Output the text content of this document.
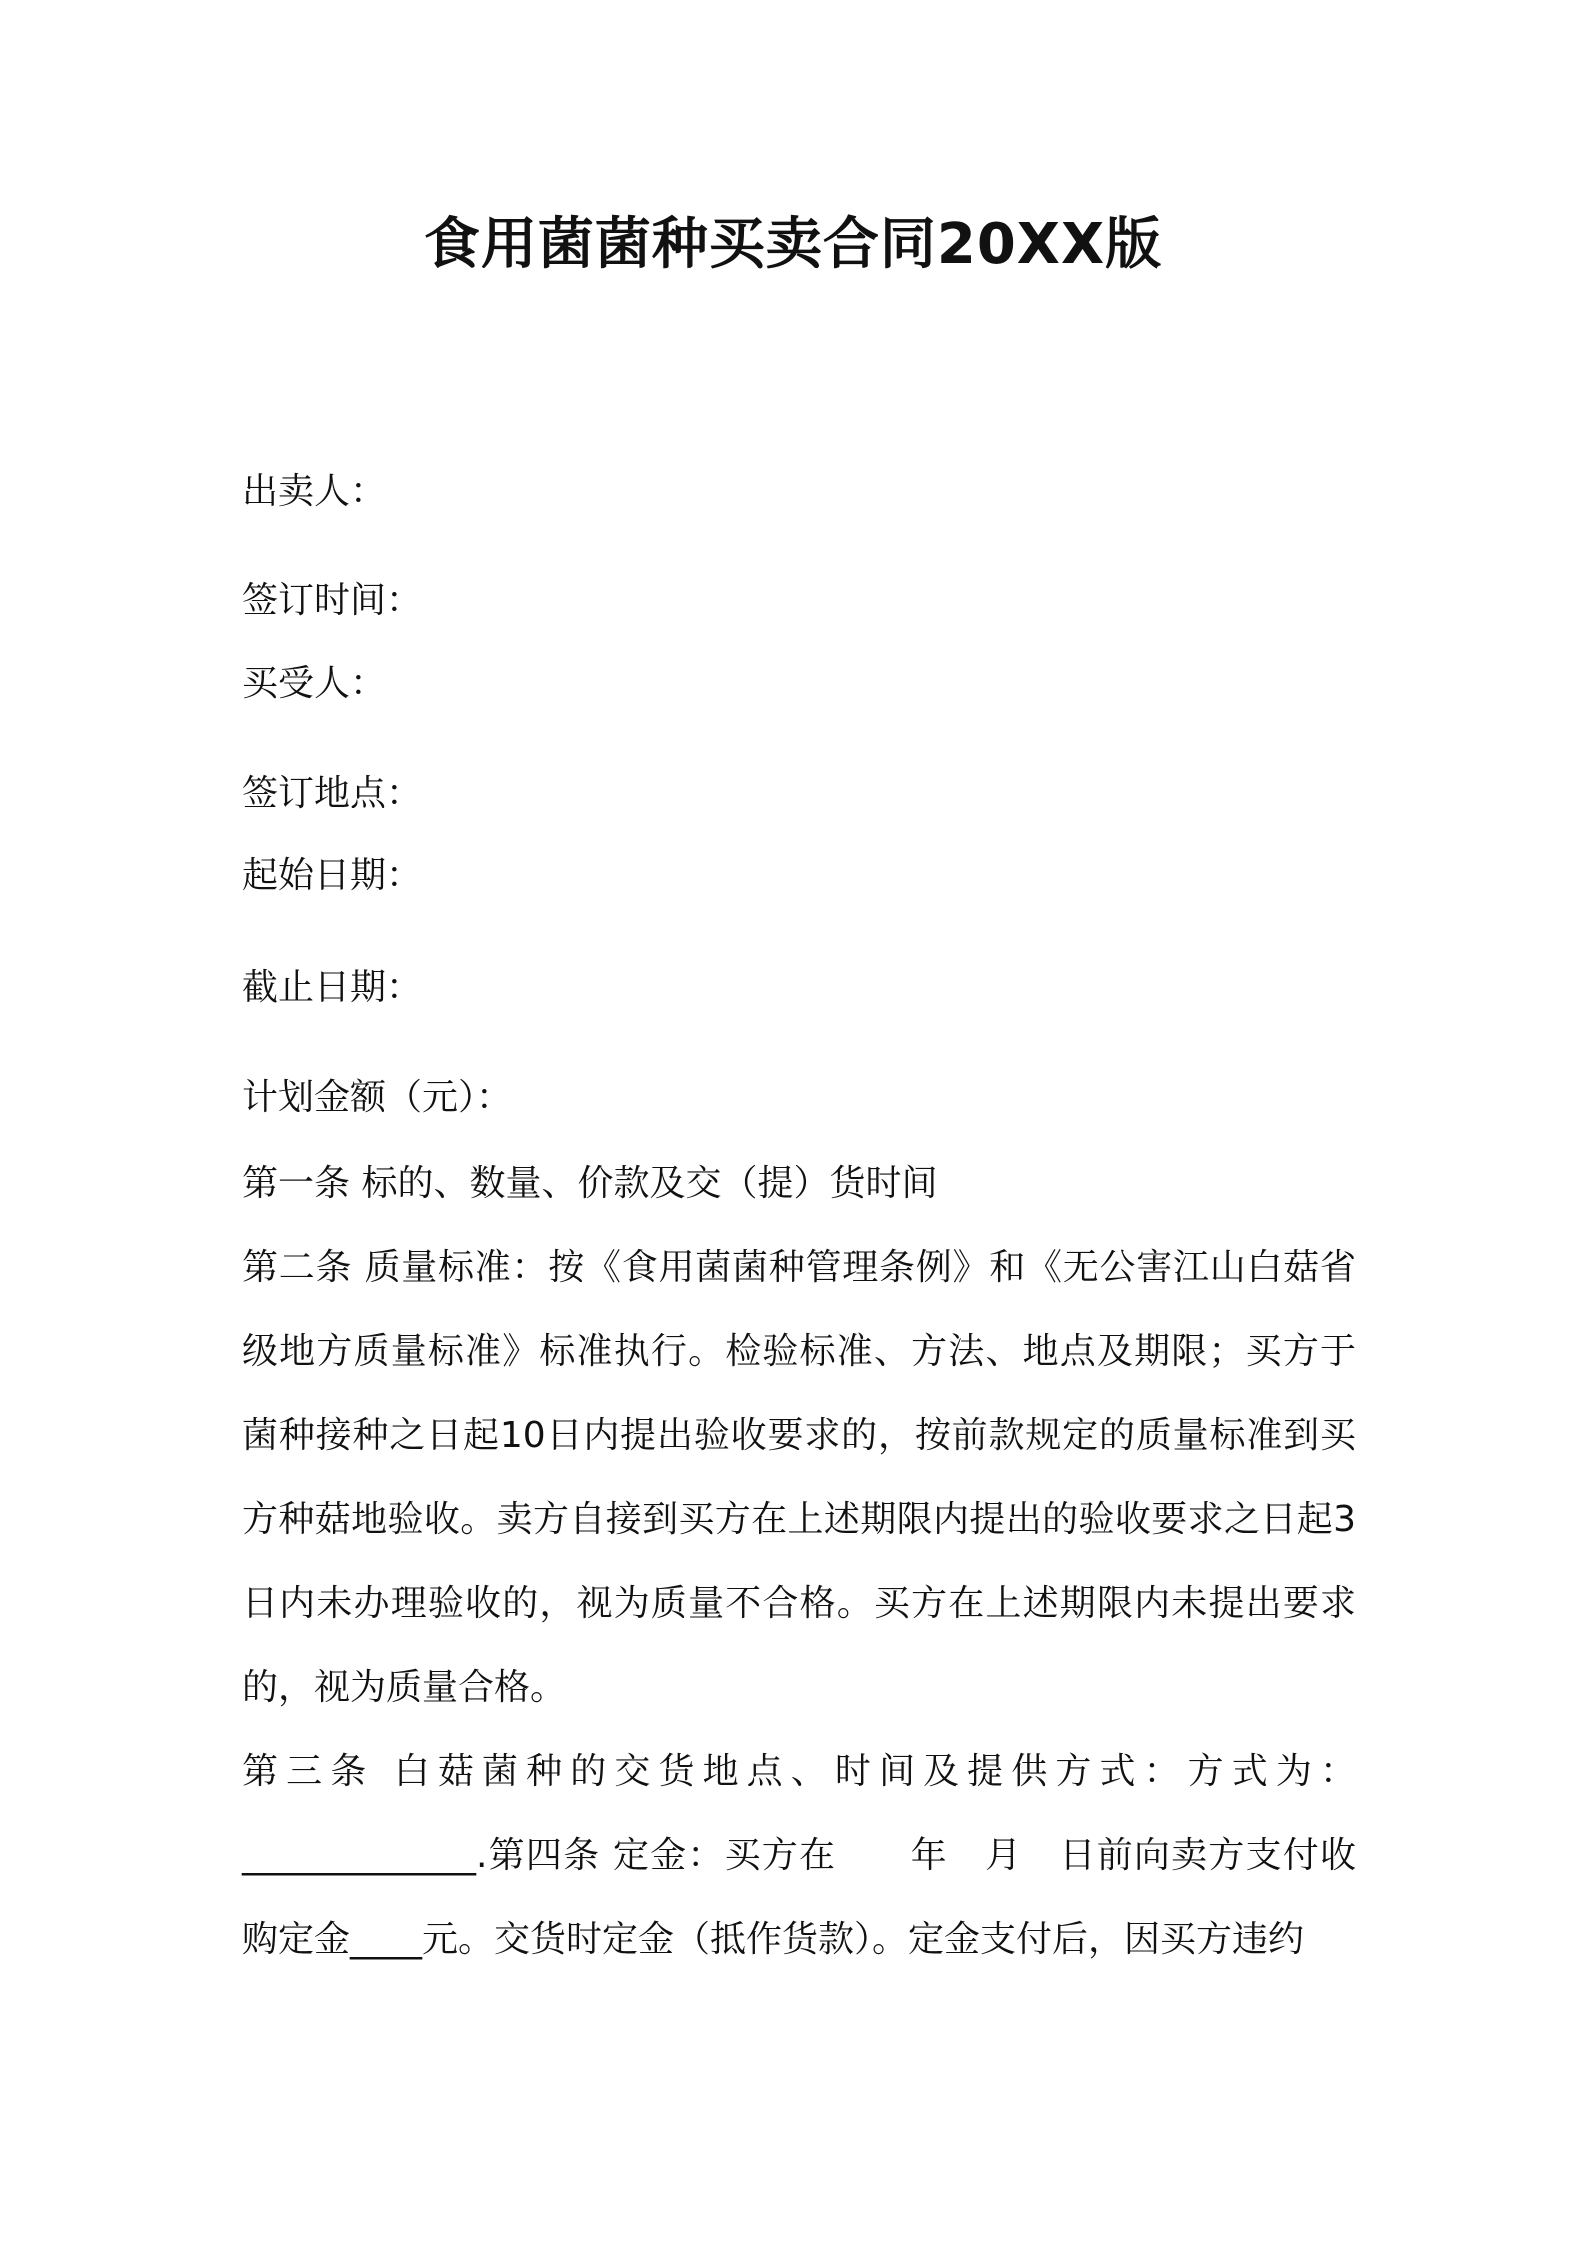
食用菌菌种买卖合同20XX版

出卖人：

签订时间：

买受人：

签订地点：

起始日期：

截止日期：

计划金额（元）：

第一条 标的、数量、价款及交（提）货时间

第二条 质量标准：按《食用菌菌种管理条例》和《无公害江山白菇省级地方质量标准》标准执行。检验标准、方法、地点及期限；买方于菌种接种之日起10日内提出验收要求的，按前款规定的质量标准到买方种菇地验收。卖方自接到买方在上述期限内提出的验收要求之日起3日内未办理验收的，视为质量不合格。买方在上述期限内未提出要求的，视为质量合格。

第三条 白菇菌种的交货地点、时间及提供方式：方式为：_____________.第四条 定金：买方在　　年　月　日前向卖方支付收购定金____元。交货时定金（抵作货款）。定金支付后，因买方违约
